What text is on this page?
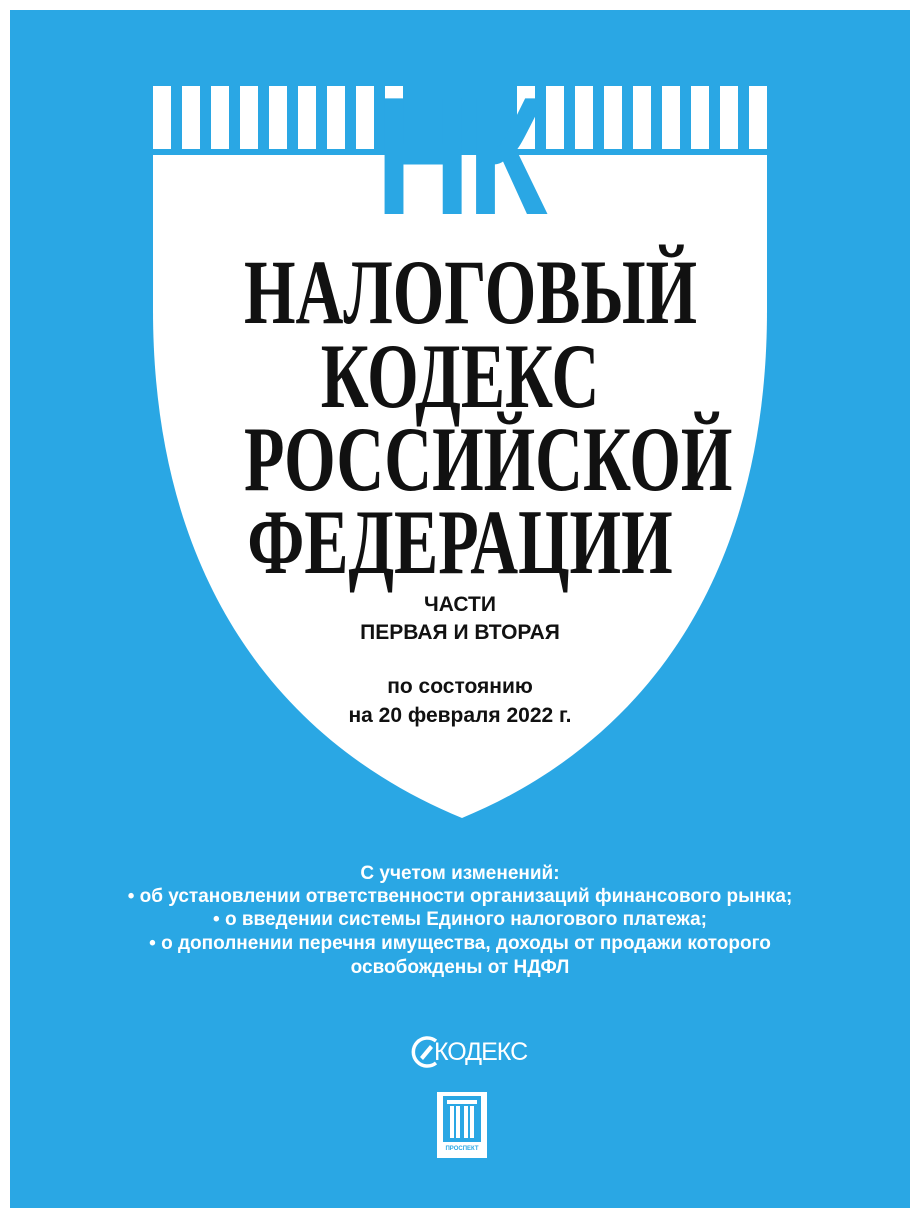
НК
НАЛОГОВЫЙ
КОДЕКС
РОССИЙСКОЙ
ФЕДЕРАЦИИ
ЧАСТИ
ПЕРВАЯ И ВТОРАЯ
по состоянию
на 20 февраля 2022 г.
С учетом изменений:
• об установлении ответственности организаций финансового рынка;
• о введении системы Единого налогового платежа;
• о дополнении перечня имущества, доходы от продажи которого
освобождены от НДФЛ
КОДЕКС
ПРОСПЕКТ
